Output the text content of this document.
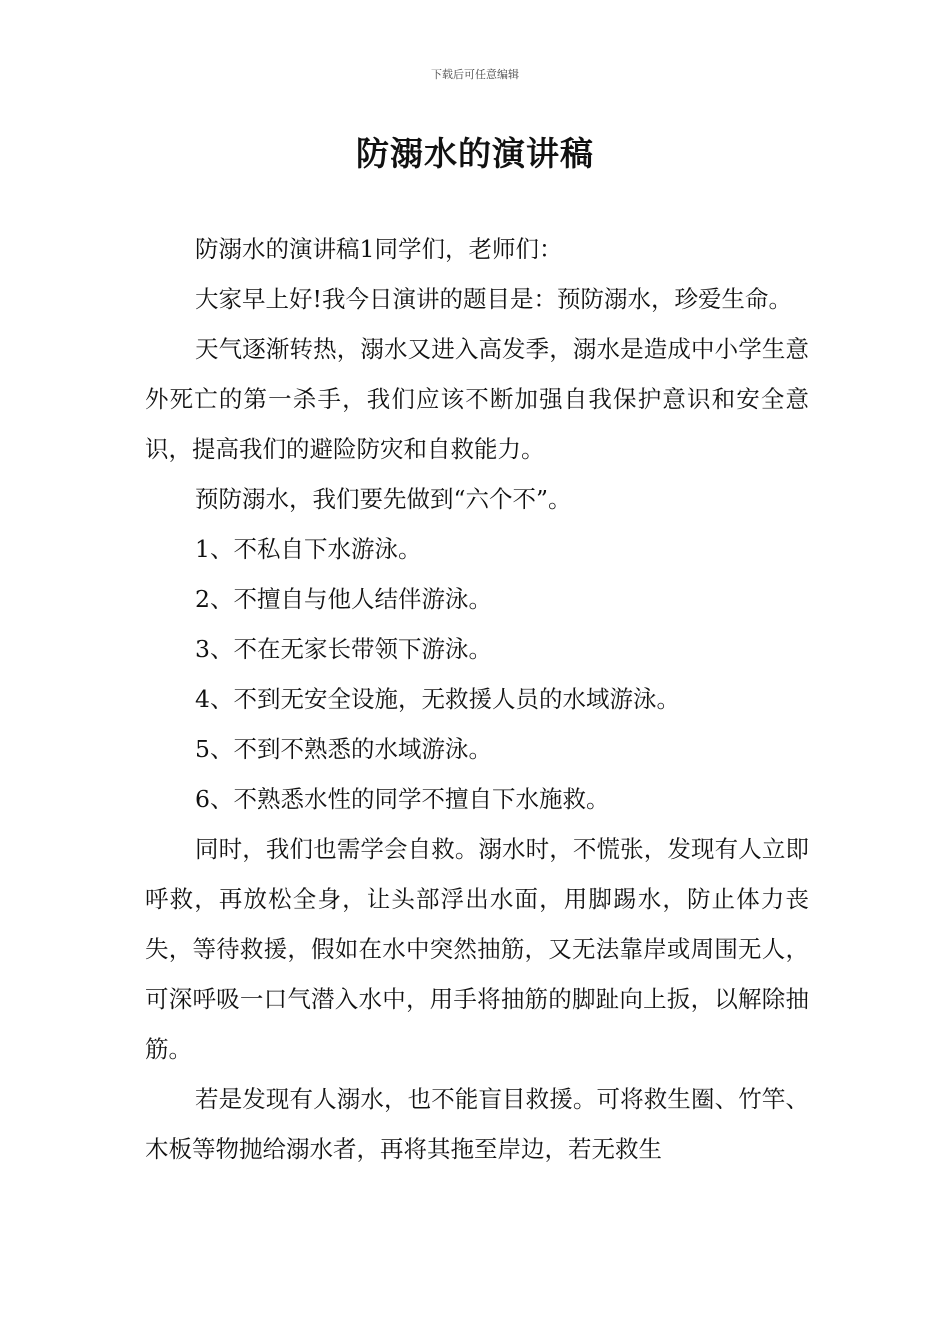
下载后可任意编辑
防溺水的演讲稿

防溺水的演讲稿1同学们，老师们：

大家早上好!我今日演讲的题目是：预防溺水，珍爱生命。

天气逐渐转热，溺水又进入高发季，溺水是造成中小学生意外死亡的第一杀手，我们应该不断加强自我保护意识和安全意识，提高我们的避险防灾和自救能力。

预防溺水，我们要先做到“六个不”。

1、不私自下水游泳。

2、不擅自与他人结伴游泳。

3、不在无家长带领下游泳。

4、不到无安全设施，无救援人员的水域游泳。

5、不到不熟悉的水域游泳。

6、不熟悉水性的同学不擅自下水施救。

同时，我们也需学会自救。溺水时，不慌张，发现有人立即呼救，再放松全身，让头部浮出水面，用脚踢水，防止体力丧失，等待救援，假如在水中突然抽筋，又无法靠岸或周围无人，可深呼吸一口气潜入水中，用手将抽筋的脚趾向上扳，以解除抽筋。

若是发现有人溺水，也不能盲目救援。可将救生圈、竹竿、木板等物抛给溺水者，再将其拖至岸边，若无救生
